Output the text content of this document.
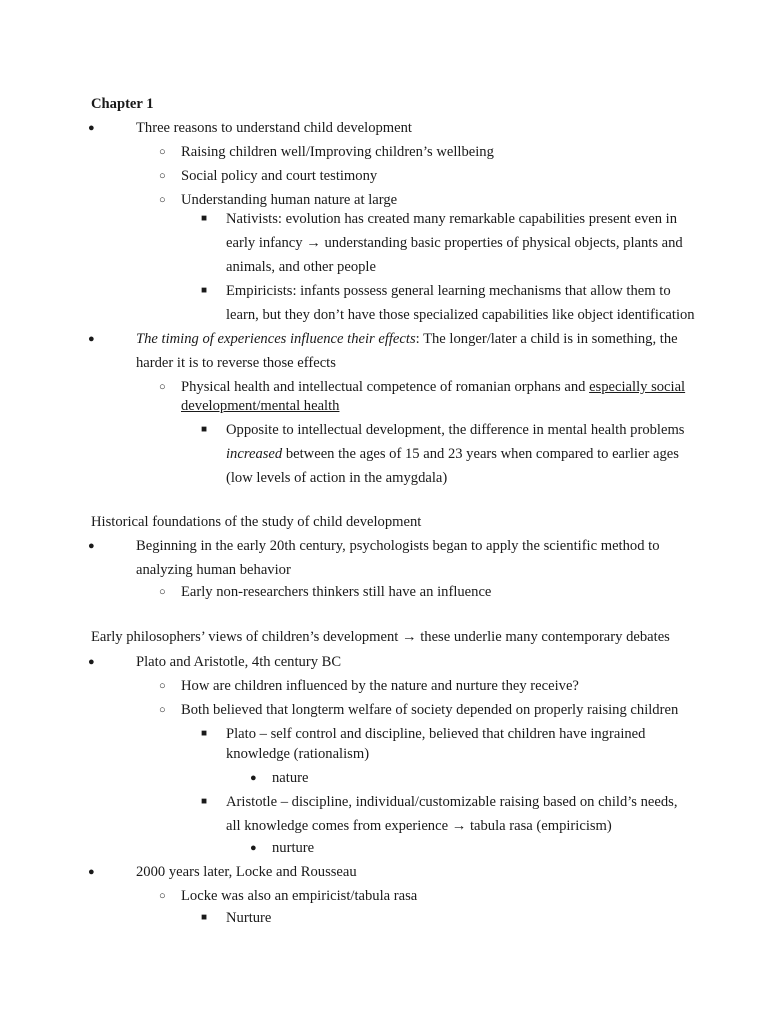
Chapter 1
●	Three reasons to understand child development
○ Raising children well/Improving children’s wellbeing
○ Social policy and court testimony
○ Understanding human nature at large
■ Nativists: evolution has created many remarkable capabilities present even in
early infancy → understanding basic properties of physical objects, plants and
animals, and other people
■ Empiricists: infants possess general learning mechanisms that allow them to
learn, but they don’t have those specialized capabilities like object identification
●	The timing of experiences influence their effects: The longer/later a child is in something, the
harder it is to reverse those effects
○ Physical health and intellectual competence of romanian orphans and especially social
development/mental health
■ Opposite to intellectual development, the difference in mental health problems
increased between the ages of 15 and 23 years when compared to earlier ages
(low levels of action in the amygdala)
Historical foundations of the study of child development
●	Beginning in the early 20th century, psychologists began to apply the scientific method to
analyzing human behavior
○ Early non-researchers thinkers still have an influence
Early philosophers’ views of children’s development → these underlie many contemporary debates
●	Plato and Aristotle, 4th century BC
○ How are children influenced by the nature and nurture they receive?
○ Both believed that longterm welfare of society depended on properly raising children
■ Plato – self control and discipline, believed that children have ingrained
knowledge (rationalism)
● nature
■ Aristotle – discipline, individual/customizable raising based on child’s needs,
all knowledge comes from experience → tabula rasa (empiricism)
● nurture
●	2000 years later, Locke and Rousseau
○ Locke was also an empiricist/tabula rasa
■ Nurture
